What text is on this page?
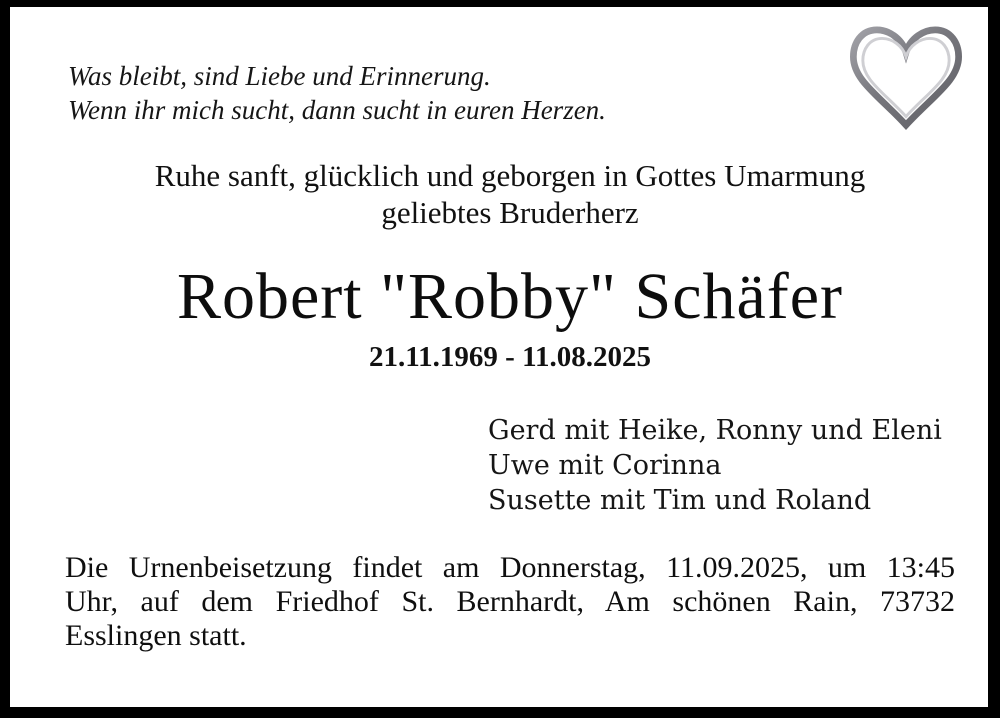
Was bleibt, sind Liebe und Erinnerung.
Wenn ihr mich sucht, dann sucht in euren Herzen.
Ruhe sanft, glücklich und geborgen in Gottes Umarmung
geliebtes Bruderherz
Robert "Robby" Schäfer
21.11.1969 - 11.08.2025
Gerd mit Heike, Ronny und Eleni
Uwe mit Corinna
Susette mit Tim und Roland
Die Urnenbeisetzung findet am Donnerstag, 11.09.2025, um 13:45
Uhr, auf dem Friedhof St. Bernhardt, Am schönen Rain, 73732
Esslingen statt.
